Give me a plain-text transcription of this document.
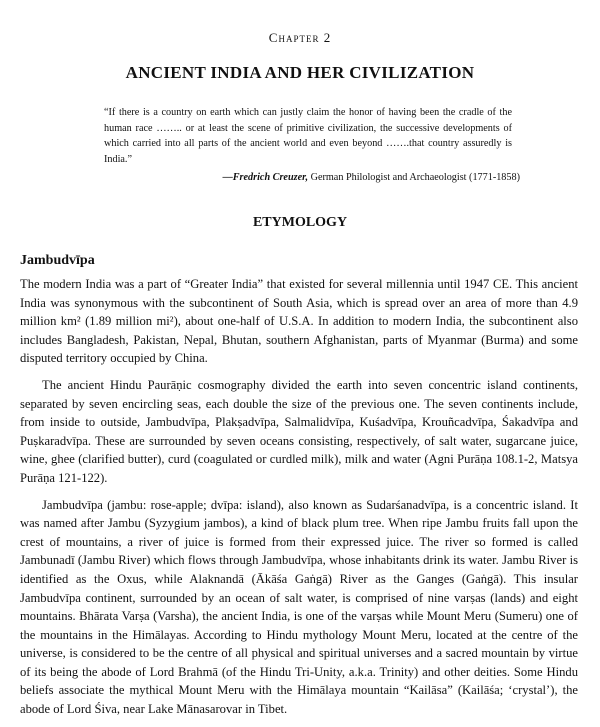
Chapter 2
ANCIENT INDIA AND HER CIVILIZATION
“If there is a country on earth which can justly claim the honor of having been the cradle of the human race …….. or at least the scene of primitive civilization, the successive developments of which carried into all parts of the ancient world and even beyond …….that country assuredly is India.”
—Fredrich Creuzer, German Philologist and Archaeologist (1771-1858)
ETYMOLOGY
Jambudvīpa

The modern India was a part of “Greater India” that existed for several millennia until 1947 CE. This ancient India was synonymous with the subcontinent of South Asia, which is spread over an area of more than 4.9 million km² (1.89 million mi²), about one-half of U.S.A. In addition to modern India, the subcontinent also includes Bangladesh, Pakistan, Nepal, Bhutan, southern Afghanistan, parts of Myanmar (Burma) and some disputed territory occupied by China.

The ancient Hindu Paurāṇic cosmography divided the earth into seven concentric island continents, separated by seven encircling seas, each double the size of the previous one. The seven continents include, from inside to outside, Jambudvīpa, Plakṣadvīpa, Salmalidvīpa, Kuśadvīpa, Krouñcadvīpa, Śakadvīpa and Puṣkaradvīpa. These are surrounded by seven oceans consisting, respectively, of salt water, sugarcane juice, wine, ghee (clarified butter), curd (coagulated or curdled milk), milk and water (Agni Purāṇa 108.1-2, Matsya Purāṇa 121-122).

Jambudvīpa (jambu: rose-apple; dvīpa: island), also known as Sudarśanadvīpa, is a concentric island. It was named after Jambu (Syzygium jambos), a kind of black plum tree. When ripe Jambu fruits fall upon the crest of mountains, a river of juice is formed from their expressed juice. The river so formed is called Jambunadī (Jambu River) which flows through Jambudvīpa, whose inhabitants drink its water. Jambu River is identified as the Oxus, while Alaknandā (Ākāśa Gaṅgā) River as the Ganges (Gaṅgā). This insular Jambudvīpa continent, surrounded by an ocean of salt water, is comprised of nine varṣas (lands) and eight mountains. Bhārata Varṣa (Varsha), the ancient India, is one of the varṣas while Mount Meru (Sumeru) one of the mountains in the Himālayas. According to Hindu mythology Mount Meru, located at the centre of the universe, is considered to be the centre of all physical and spiritual universes and a sacred mountain by virtue of its being the abode of Lord Brahmā (of the Hindu Tri-Unity, a.k.a. Trinity) and other deities. Some Hindu beliefs associate the mythical Mount Meru with the Himālaya mountain “Kailāsa” (Kailāśa; ‘crystal’), the abode of Lord Śiva, near Lake Mānasarovar in Tibet.
